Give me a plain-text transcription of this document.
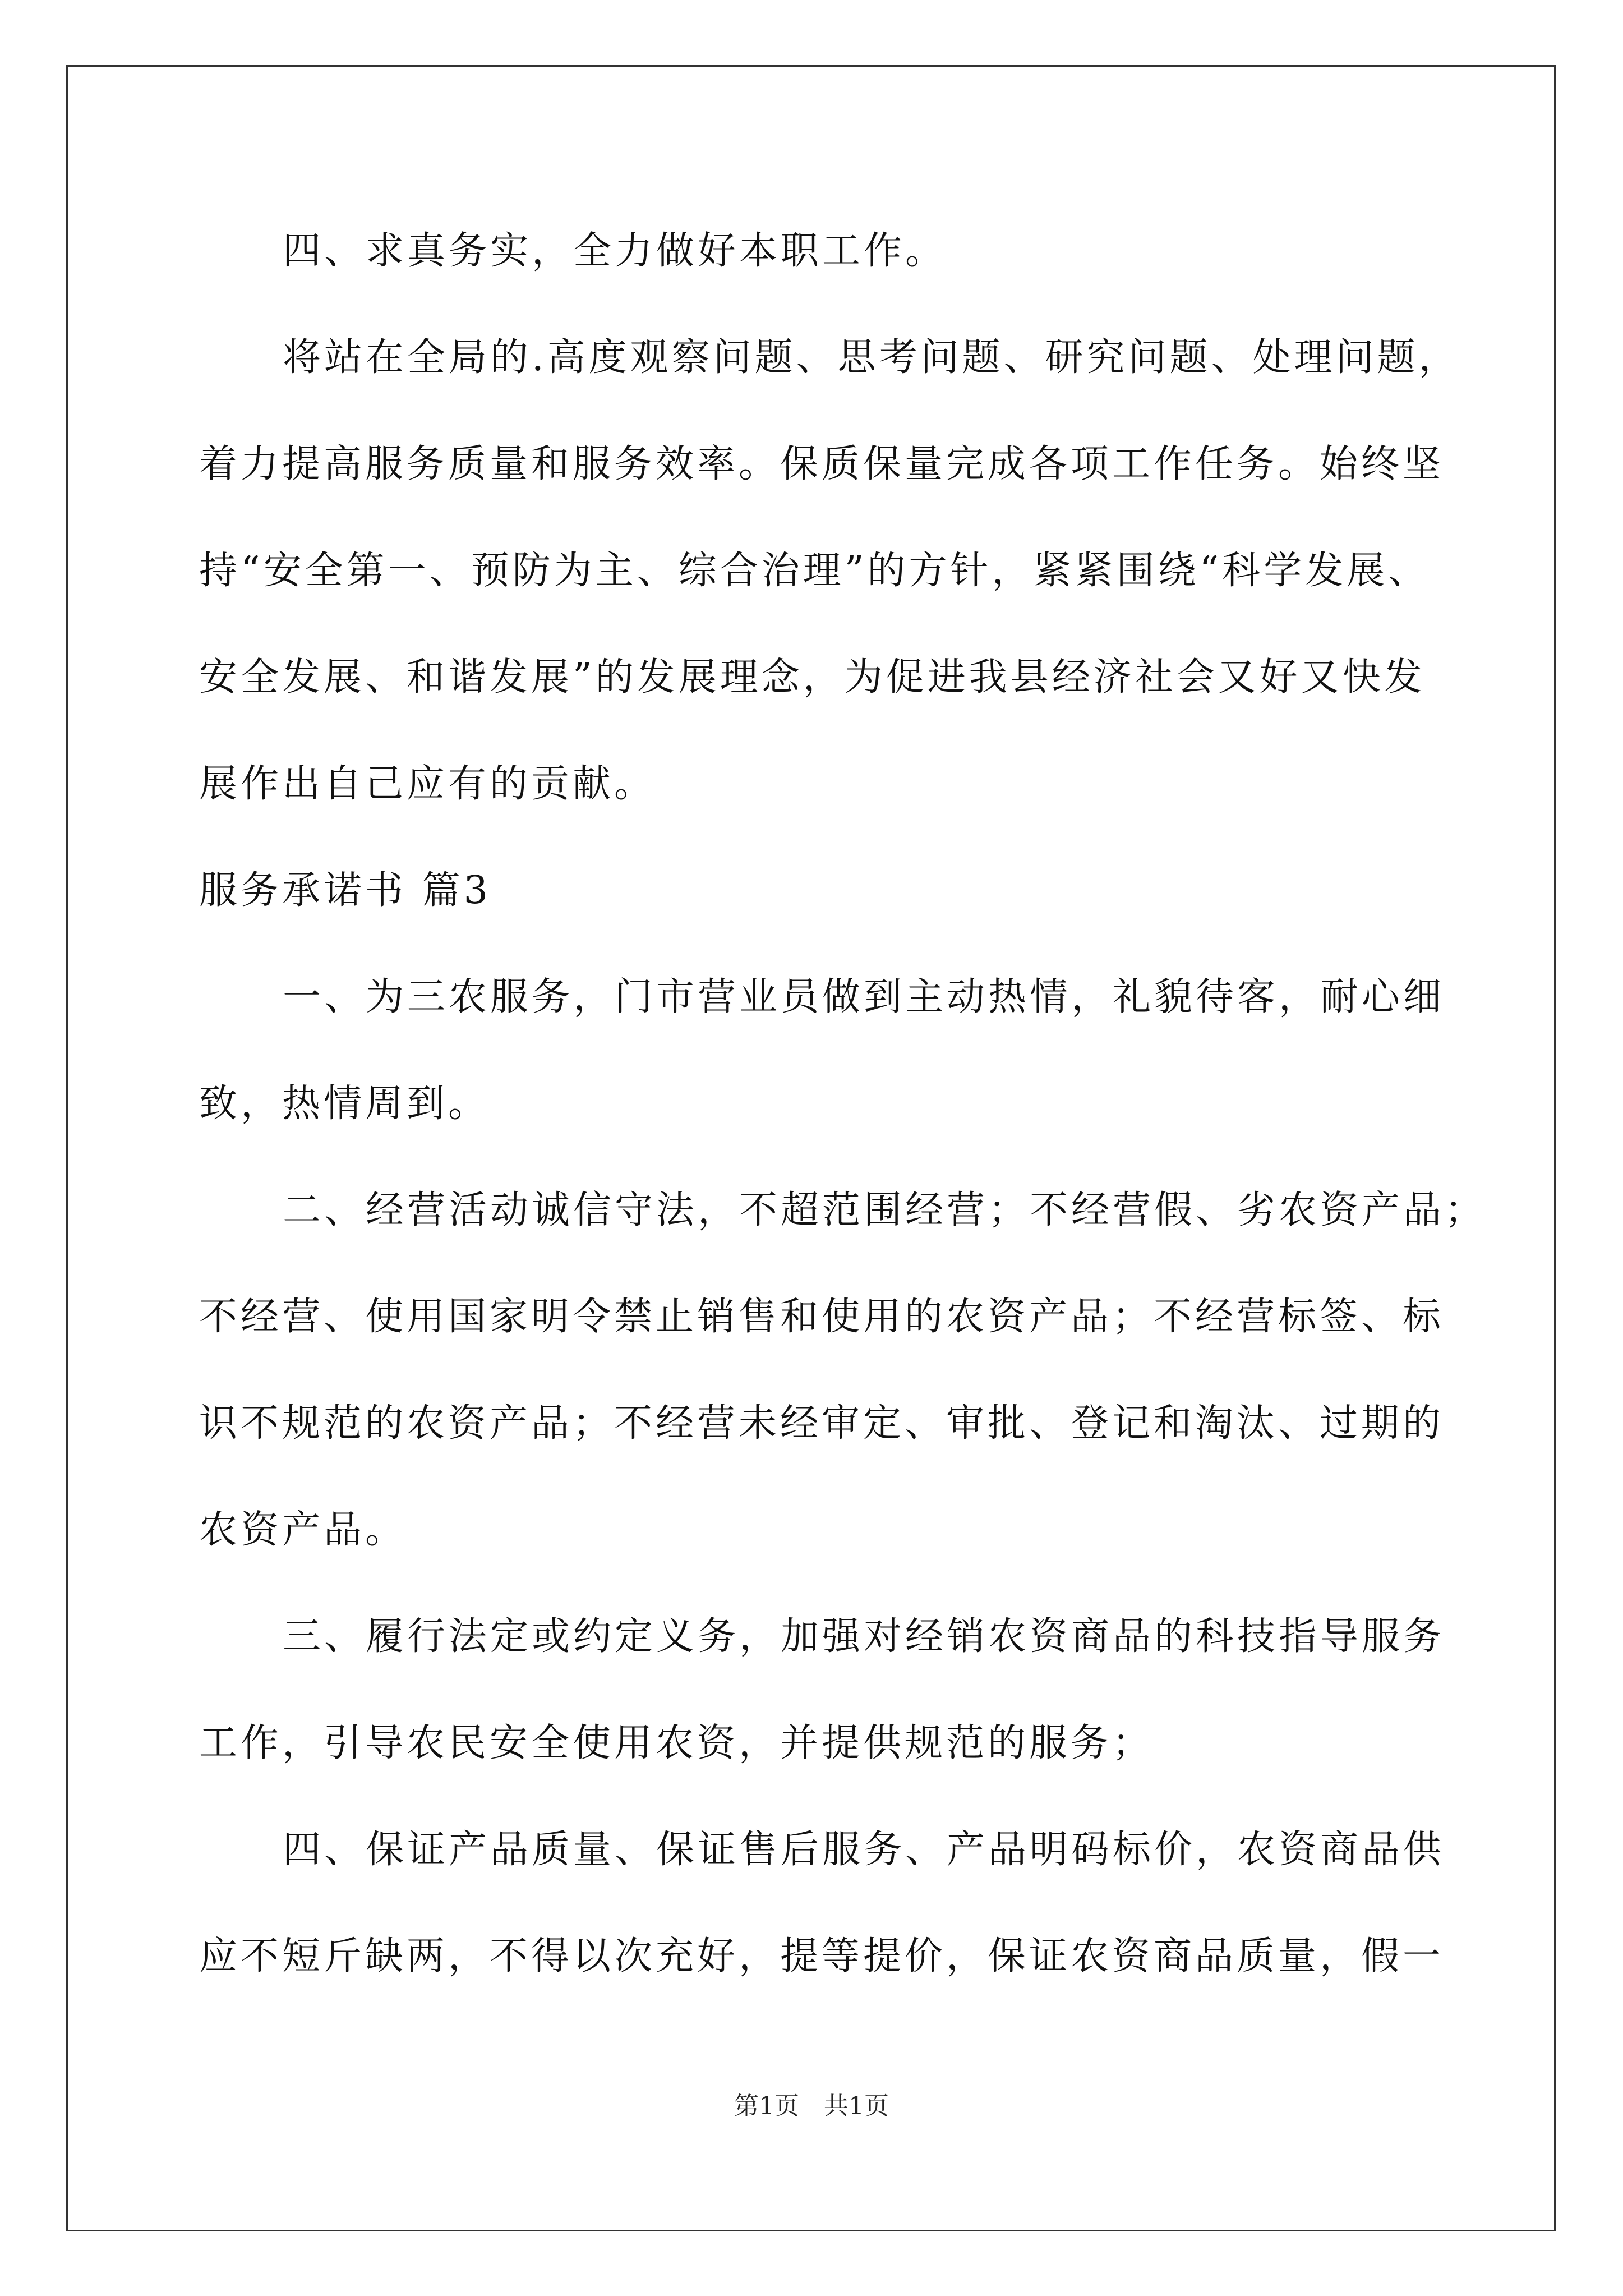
四、求真务实，全力做好本职工作。
将站在全局的.高度观察问题、思考问题、研究问题、处理问题，
着力提高服务质量和服务效率。保质保量完成各项工作任务。始终坚
持“安全第一、预防为主、综合治理”的方针，紧紧围绕“科学发展、
安全发展、和谐发展”的发展理念，为促进我县经济社会又好又快发
展作出自己应有的贡献。
服务承诺书 篇3
一、为三农服务，门市营业员做到主动热情，礼貌待客，耐心细
致，热情周到。
二、经营活动诚信守法，不超范围经营；不经营假、劣农资产品；
不经营、使用国家明令禁止销售和使用的农资产品；不经营标签、标
识不规范的农资产品；不经营未经审定、审批、登记和淘汰、过期的
农资产品。
三、履行法定或约定义务，加强对经销农资商品的科技指导服务
工作，引导农民安全使用农资，并提供规范的服务；
四、保证产品质量、保证售后服务、产品明码标价，农资商品供
应不短斤缺两，不得以次充好，提等提价，保证农资商品质量，假一
第1页　共1页
